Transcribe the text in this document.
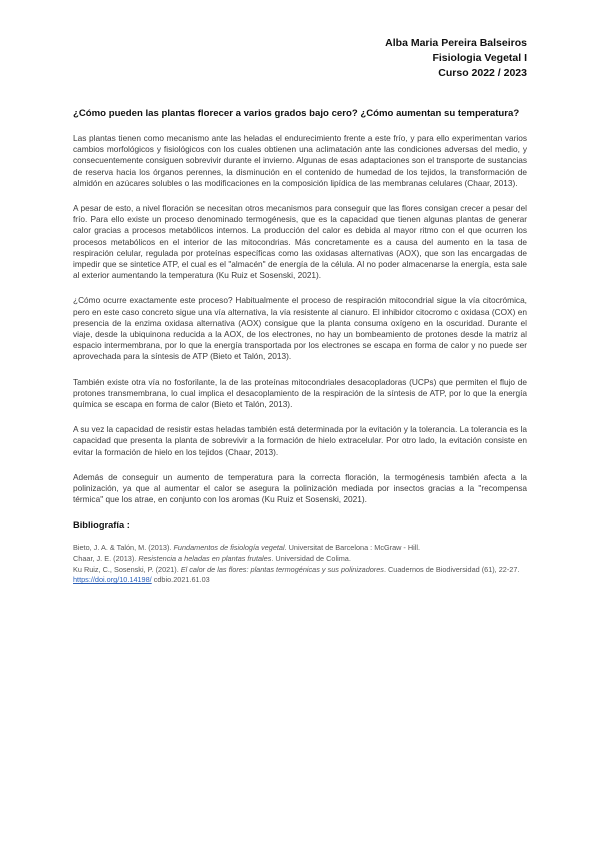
Alba Maria Pereira Balseiros
Fisiologia Vegetal I
Curso 2022 / 2023
¿Cómo pueden las plantas florecer a varios grados bajo cero? ¿Cómo aumentan su temperatura?
Las plantas tienen como mecanismo ante las heladas el endurecimiento frente a este frío, y para ello experimentan varios cambios morfológicos y fisiológicos con los cuales obtienen una aclimatación ante las condiciones adversas del medio, y consecuentemente consiguen sobrevivir durante el invierno. Algunas de esas adaptaciones son el transporte de sustancias de reserva hacia los órganos perennes, la disminución en el contenido de humedad de los tejidos, la transformación de almidón en azúcares solubles o las modificaciones en la composición lipídica de las membranas celulares (Chaar, 2013).
A pesar de esto, a nivel floración se necesitan otros mecanismos para conseguir que las flores consigan crecer a pesar del frío. Para ello existe un proceso denominado termogénesis, que es la capacidad que tienen algunas plantas de generar calor gracias a procesos metabólicos internos. La producción del calor es debida al mayor ritmo con el que ocurren los procesos metabólicos en el interior de las mitocondrias. Más concretamente es a causa del aumento en la tasa de respiración celular, regulada por proteínas específicas como las oxidasas alternativas (AOX), que son las encargadas de impedir que se sintetice ATP, el cual es el "almacén" de energía de la célula. Al no poder almacenarse la energía, esta sale al exterior aumentando la temperatura (Ku Ruiz et Sosenski, 2021).
¿Cómo ocurre exactamente este proceso? Habitualmente el proceso de respiración mitocondrial sigue la vía citocrómica, pero en este caso concreto sigue una vía alternativa, la vía resistente al cianuro. El inhibidor citocromo c oxidasa (COX) en presencia de la enzima oxidasa alternativa (AOX) consigue que la planta consuma oxígeno en la oscuridad. Durante el viaje, desde la ubiquinona reducida a la AOX, de los electrones, no hay un bombeamiento de protones desde la matriz al espacio intermembrana, por lo que la energía transportada por los electrones se escapa en forma de calor y no puede ser aprovechada para la síntesis de ATP (Bieto et Talón, 2013).
También existe otra vía no fosforilante, la de las proteínas mitocondriales desacopladoras (UCPs) que permiten el flujo de protones transmembrana, lo cual implica el desacoplamiento de la respiración de la síntesis de ATP, por lo que la energía química se escapa en forma de calor (Bieto et Talón, 2013).
A su vez la capacidad de resistir estas heladas también está determinada por la evitación y la tolerancia. La tolerancia es la capacidad que presenta la planta de sobrevivir a la formación de hielo extracelular. Por otro lado, la evitación consiste en evitar la formación de hielo en los tejidos (Chaar, 2013).
Además de conseguir un aumento de temperatura para la correcta floración, la termogénesis también afecta a la polinización, ya que al aumentar el calor se asegura la polinización mediada por insectos gracias a la "recompensa térmica" que los atrae, en conjunto con los aromas (Ku Ruiz et Sosenski, 2021).
Bibliografía :
Bieto, J. A. & Talón, M. (2013). Fundamentos de fisiología vegetal. Universitat de Barcelona : McGraw - Hill.
Chaar, J. E. (2013). Resistencia a heladas en plantas frutales. Universidad de Colima.
Ku Ruiz, C., Sosenski, P. (2021). El calor de las flores: plantas termogénicas y sus polinizadores. Cuadernos de Biodiversidad (61), 22-27. https://doi.org/10.14198/ cdbio.2021.61.03
